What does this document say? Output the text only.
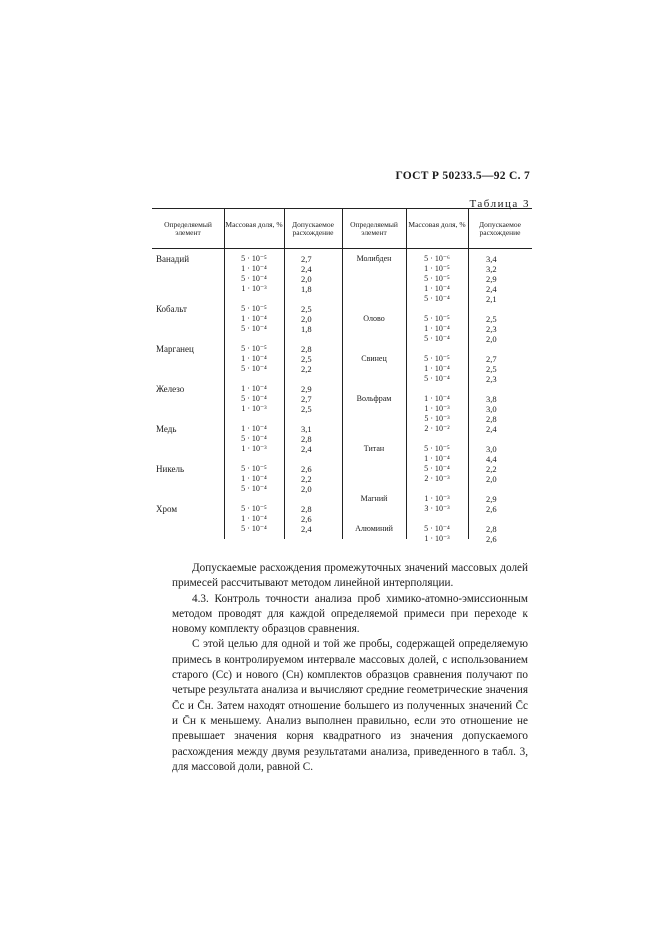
ГОСТ Р 50233.5—92 С. 7
Таблица 3
Определяемый элемент
Массовая доля, %	Допускаемое расхождение
Определяемый элемент
Массовая доля, %	Допускаемое расхождение
Ванадий
Кобальт
Марганец
Железо
Медь
Никель
Хром
5 · 10⁻⁵
1 · 10⁻⁴
5 · 10⁻⁴
1 · 10⁻³
5 · 10⁻⁵
1 · 10⁻⁴
5 · 10⁻⁴
5 · 10⁻⁵
1 · 10⁻⁴
5 · 10⁻⁴
1 · 10⁻⁴
5 · 10⁻⁴
1 · 10⁻³
1 · 10⁻⁴
5 · 10⁻⁴
1 · 10⁻³
5 · 10⁻⁵
1 · 10⁻⁴
5 · 10⁻⁴
5 · 10⁻⁵
1 · 10⁻⁴
5 · 10⁻⁴
2,7
2,4
2,0
1,8
2,5
2,0
1,8
2,8
2,5
2,2
2,9
2,7
2,5
3,1
2,8
2,4
2,6
2,2
2,0
2,8
2,6
2,4
Молибден
Олово
Свинец
Вольфрам
Титан
Магний
Алюминий
5 · 10⁻⁶
1 · 10⁻⁵
5 · 10⁻⁵
1 · 10⁻⁴
5 · 10⁻⁴
5 · 10⁻⁵
1 · 10⁻⁴
5 · 10⁻⁴
5 · 10⁻⁵
1 · 10⁻⁴
5 · 10⁻⁴
1 · 10⁻⁴
1 · 10⁻³
5 · 10⁻³
2 · 10⁻²
5 · 10⁻⁵
1 · 10⁻⁴
5 · 10⁻⁴
2 · 10⁻³
1 · 10⁻³
3 · 10⁻³
5 · 10⁻⁴
1 · 10⁻³
3,4
3,2
2,9
2,4
2,1
2,5
2,3
2,0
2,7
2,5
2,3
3,8
3,0
2,8
2,4
3,0
4,4
2,2
2,0
2,9
2,6
2,8
2,6

Допускаемые расхождения промежуточных значений массовых долей примесей рассчитывают методом линейной интерполяции.

4.3. Контроль точности анализа проб химико-атомно-эмиссионным методом проводят для каждой определяемой примеси при переходе к новому комплекту образцов сравнения.

С этой целью для одной и той же пробы, содержащей определяемую примесь в контролируемом интервале массовых долей, с использованием старого (Cс) и нового (Cн) комплектов образцов сравнения получают по четыре результата анализа и вычисляют средние геометрические значения C̄с и C̄н. Затем находят отношение большего из полученных значений C̄с и C̄н к меньшему. Анализ выполнен правильно, если это отношение не превышает значения корня квадратного из значения допускаемого расхождения между двумя результатами анализа, приведенного в табл. 3, для массовой доли, равной C.
